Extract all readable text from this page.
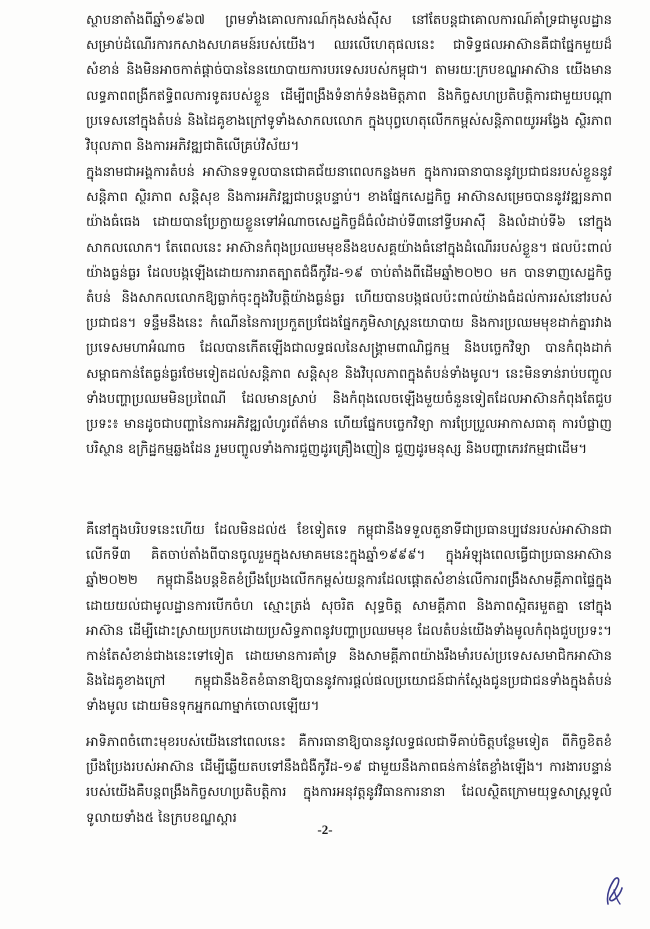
ស្ថាបនាតាំងពីឆ្នាំ១៩៦៧ ព្រមទាំងគោលការណ៍កុងសង់ស៊ីស នៅតែបន្តជាគោលការណ៍គាំទ្រជាមូលដ្ឋានសម្រាប់ដំណើរការកសាងសហគមន៍របស់យើង។ ឈរលើហេតុផលនេះ ជាទិទ្ធផលអាស៊ានគឺជាផ្នែកមួយដ៏សំខាន់ និងមិនអាចកាត់ផ្តាច់បាននៃនយោបាយការបរទេសរបស់កម្ពុជា។ តាមរយៈក្របខណ្ឌអាស៊ាន យើងមានលទ្ធភាពពង្រីកឥទ្ធិពលការទូតរបស់ខ្លួន ដើម្បីពង្រឹងទំនាក់ទំនងមិត្តភាព និងកិច្ចសហប្រតិបត្តិការជាមួយបណ្តាប្រទេសនៅក្នុងតំបន់ និងដៃគូខាងក្រៅទូទាំងសាកលលោក ក្នុងបុព្វហេតុលើកកម្ពស់សន្តិភាពយូរអង្វែង ស្ថិរភាព វិបុលភាព និងការអភិវឌ្ឍជាតិលើគ្រប់វិស័យ។
ក្នុងនាមជាអង្គការតំបន់ អាស៊ានទទួលបានជោគជ័យនាពេលកន្លងមក ក្នុងការធានាបាននូវប្រជាជនរបស់ខ្លួននូវសន្តិភាព ស្ថិរភាព សន្តិសុខ និងការអភិវឌ្ឍជាបន្តបន្ទាប់។ ខាងផ្នែកសេដ្ឋកិច្ច អាស៊ានសម្រេចបាននូវវឌ្ឍនភាពយ៉ាងធំធេង ដោយបានប្រែក្លាយខ្លួនទៅអំណាចសេដ្ឋកិច្ចដ៏ធំលំដាប់ទី៣នៅទ្វីបអាស៊ី និងលំដាប់ទី៦ នៅក្នុងសាកលលោក។ តែពេលនេះ អាស៊ានកំពុងប្រឈមមុខនឹងឧបសគ្គយ៉ាងធំនៅក្នុងដំណើររបស់ខ្លួន។ ផលប៉ះពាល់យ៉ាងធ្ងន់ធ្ងរ ដែលបង្កឡើងដោយការរាតត្បាតជំងឺកូវីដ-១៩ ចាប់តាំងពីដើមឆ្នាំ២០២០ មក បានទាញសេដ្ឋកិច្ចតំបន់ និងសាកលលោកឱ្យធ្លាក់ចុះក្នុងវិបត្តិយ៉ាងធ្ងន់ធ្ងរ ហើយបានបង្កផលប៉ះពាល់យ៉ាងធំដល់ការរស់នៅរបស់ប្រជាជន។ ទន្ទឹមនឹងនេះ កំណើននៃការប្រកួតប្រជែងផ្នែកភូមិសាស្ត្រនយោបាយ និងការប្រឈមមុខដាក់គ្នារវាងប្រទេសមហាអំណាច ដែលបានកើតឡើងជាលទ្ធផលនៃសង្គ្រាមពាណិជ្ជកម្ម និងបច្ចេកវិទ្យា បានកំពុងដាក់សម្ពាធកាន់តែធ្ងន់ធ្ងរថែមទៀតដល់សន្តិភាព សន្តិសុខ និងវិបុលភាពក្នុងតំបន់ទាំងមូល។ នេះមិនទាន់រាប់បញ្ចូលទាំងបញ្ហាប្រឈមមិនប្រពៃណី ដែលមានស្រាប់ និងកំពុងលេចឡើងមួយចំនួនទៀតដែលអាស៊ានកំពុងតែជួបប្រទះ៖ មានដូចជាបញ្ហានៃការអភិវឌ្ឍលំហូរព័ត៌មាន ហើយផ្នែកបច្ចេកវិទ្យា ការប្រែប្រួលអាកាសធាតុ ការបំផ្លាញបរិស្ថាន ឧក្រិដ្ឋកម្មឆ្លងដែន រួមបញ្ចូលទាំងការជួញដូរគ្រឿងញៀន ជួញដូរមនុស្ស និងបញ្ហាភេរវកម្មជាដើម។
គឺនៅក្នុងបរិបទនេះហើយ ដែលមិនដល់៥ ខែទៀតទេ កម្ពុជានឹងទទួលតួនាទីជាប្រធានប្បវេនរបស់អាស៊ានជាលើកទី៣ គិតចាប់តាំងពីបានចូលរួមក្នុងសមាគមនេះក្នុងឆ្នាំ១៩៩៩។ ក្នុងអំឡុងពេលធ្វើជាប្រធានអាស៊ានឆ្នាំ២០២២ កម្ពុជានឹងបន្តខិតខំប្រឹងប្រែងលើកកម្ពស់យន្តការដែលផ្តោតសំខាន់លើការពង្រឹងសាមគ្គីភាពផ្ទៃក្នុង ដោយយល់ជាមូលដ្ឋានការបើកចំហ ស្មោះត្រង់ សុចរិត សុទ្ធចិត្ត សាមគ្គីភាព និងភាពស្អិតរមួតគ្នា នៅក្នុងអាស៊ាន ដើម្បីដោះស្រាយប្រកបដោយប្រសិទ្ធភាពនូវបញ្ហាប្រឈមមុខ ដែលតំបន់យើងទាំងមូលកំពុងជួបប្រទះ។ កាន់តែសំខាន់ជាងនេះទៅទៀត ដោយមានការគាំទ្រ និងសាមគ្គីភាពយ៉ាងរឹងមាំរបស់ប្រទេសសមាជិកអាស៊ាន និងដៃគូខាងក្រៅ កម្ពុជានឹងខិតខំធានាឱ្យបាននូវការផ្តល់ផលប្រយោជន៍ជាក់ស្តែងជូនប្រជាជនទាំងក្នុងតំបន់ទាំងមូល ដោយមិនទុកអ្នកណាម្នាក់ចោលឡើយ។
អាទិភាពចំពោះមុខរបស់យើងនៅពេលនេះ គឺការធានាឱ្យបាននូវលទ្ធផលជាទីគាប់ចិត្តបន្ថែមទៀត ពីកិច្ចខិតខំប្រឹងប្រែងរបស់អាស៊ាន ដើម្បីឆ្លើយតបទៅនឹងជំងឺកូវីដ-១៩ ជាមួយនឹងភាពធន់កាន់តែខ្លាំងឡើង។ ការងារបន្ទាន់របស់យើងគឺបន្តពង្រឹងកិច្ចសហប្រតិបត្តិការ ក្នុងការអនុវត្តនូវវិធានការនានា ដែលស្ថិតក្រោមយុទ្ធសាស្ត្រទូលំទូលាយទាំង៥ នៃក្របខណ្ឌស្តារ
-2-
